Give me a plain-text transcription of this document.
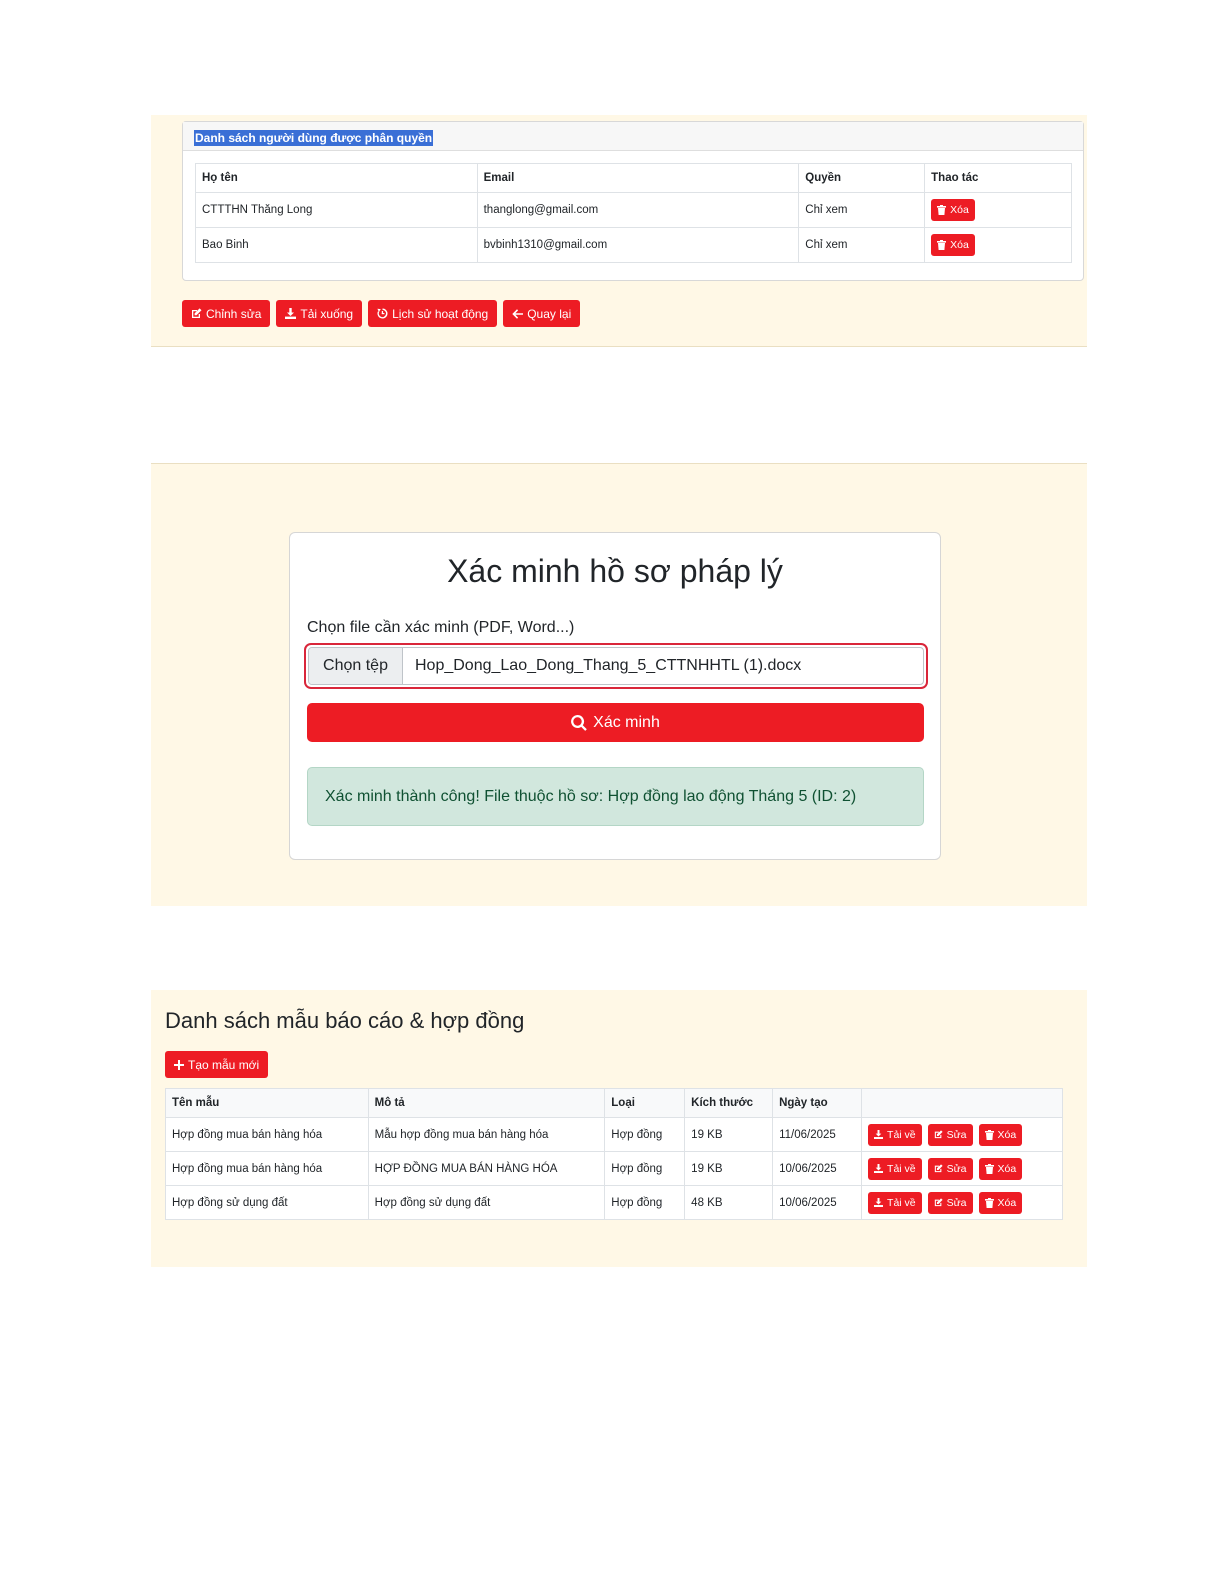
Danh sách người dùng được phân quyền
Họ tên	Email	Quyền	Thao tác
CTTTHN Thăng Long	thanglong@gmail.com	Chỉ xem	Xóa

Bao Binh	bvbinh1310@gmail.com	Chỉ xem	Xóa
Chỉnh sửa	Tải xuống	Lịch sử hoạt động	Quay lại
Xác minh hồ sơ pháp lý
Chọn file cần xác minh (PDF, Word...)
Chọn tệp	Hop_Dong_Lao_Dong_Thang_5_CTTNHHTL (1).docx
Xác minh
Xác minh thành công! File thuộc hồ sơ: Hợp đồng lao động Tháng 5 (ID: 2)
Danh sách mẫu báo cáo & hợp đồng
Tạo mẫu mới
Tên mẫu	Mô tả	Loại	Kích thước	Ngày tạo	
Hợp đồng mua bán hàng hóa	Mẫu hợp đồng mua bán hàng hóa	Hợp đồng	19 KB	11/06/2025	Tải về Sửa Xóa

Hợp đồng mua bán hàng hóa	HỢP ĐỒNG MUA BÁN HÀNG HÓA	Hợp đồng	19 KB	10/06/2025	Tải về Sửa Xóa

Hợp đồng sử dụng đất	Hợp đồng sử dụng đất	Hợp đồng	48 KB	10/06/2025	Tải về Sửa Xóa
